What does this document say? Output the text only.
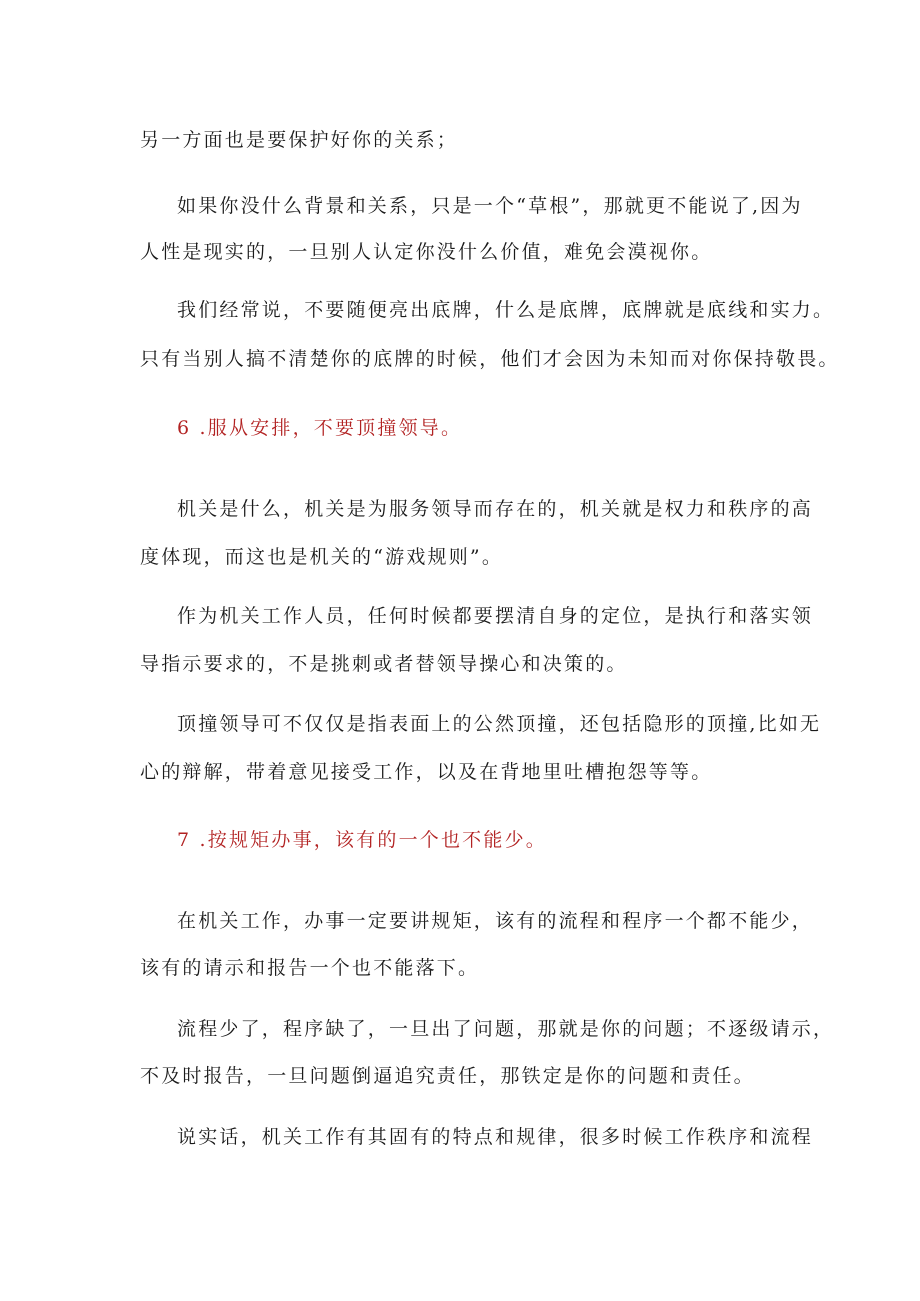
另一方面也是要保护好你的关系；
如果你没什么背景和关系，只是一个“草根”，那就更不能说了,因为
人性是现实的，一旦别人认定你没什么价值，难免会漠视你。
我们经常说，不要随便亮出底牌，什么是底牌，底牌就是底线和实力。
只有当别人搞不清楚你的底牌的时候，他们才会因为未知而对你保持敬畏。
6 .服从安排，不要顶撞领导。
机关是什么，机关是为服务领导而存在的，机关就是权力和秩序的高
度体现，而这也是机关的“游戏规则”。
作为机关工作人员，任何时候都要摆清自身的定位，是执行和落实领
导指示要求的，不是挑刺或者替领导操心和决策的。
顶撞领导可不仅仅是指表面上的公然顶撞，还包括隐形的顶撞,比如无
心的辩解，带着意见接受工作，以及在背地里吐槽抱怨等等。
7 .按规矩办事，该有的一个也不能少。
在机关工作，办事一定要讲规矩，该有的流程和程序一个都不能少，
该有的请示和报告一个也不能落下。
流程少了，程序缺了，一旦出了问题，那就是你的问题；不逐级请示，
不及时报告，一旦问题倒逼追究责任，那铁定是你的问题和责任。
说实话，机关工作有其固有的特点和规律，很多时候工作秩序和流程
